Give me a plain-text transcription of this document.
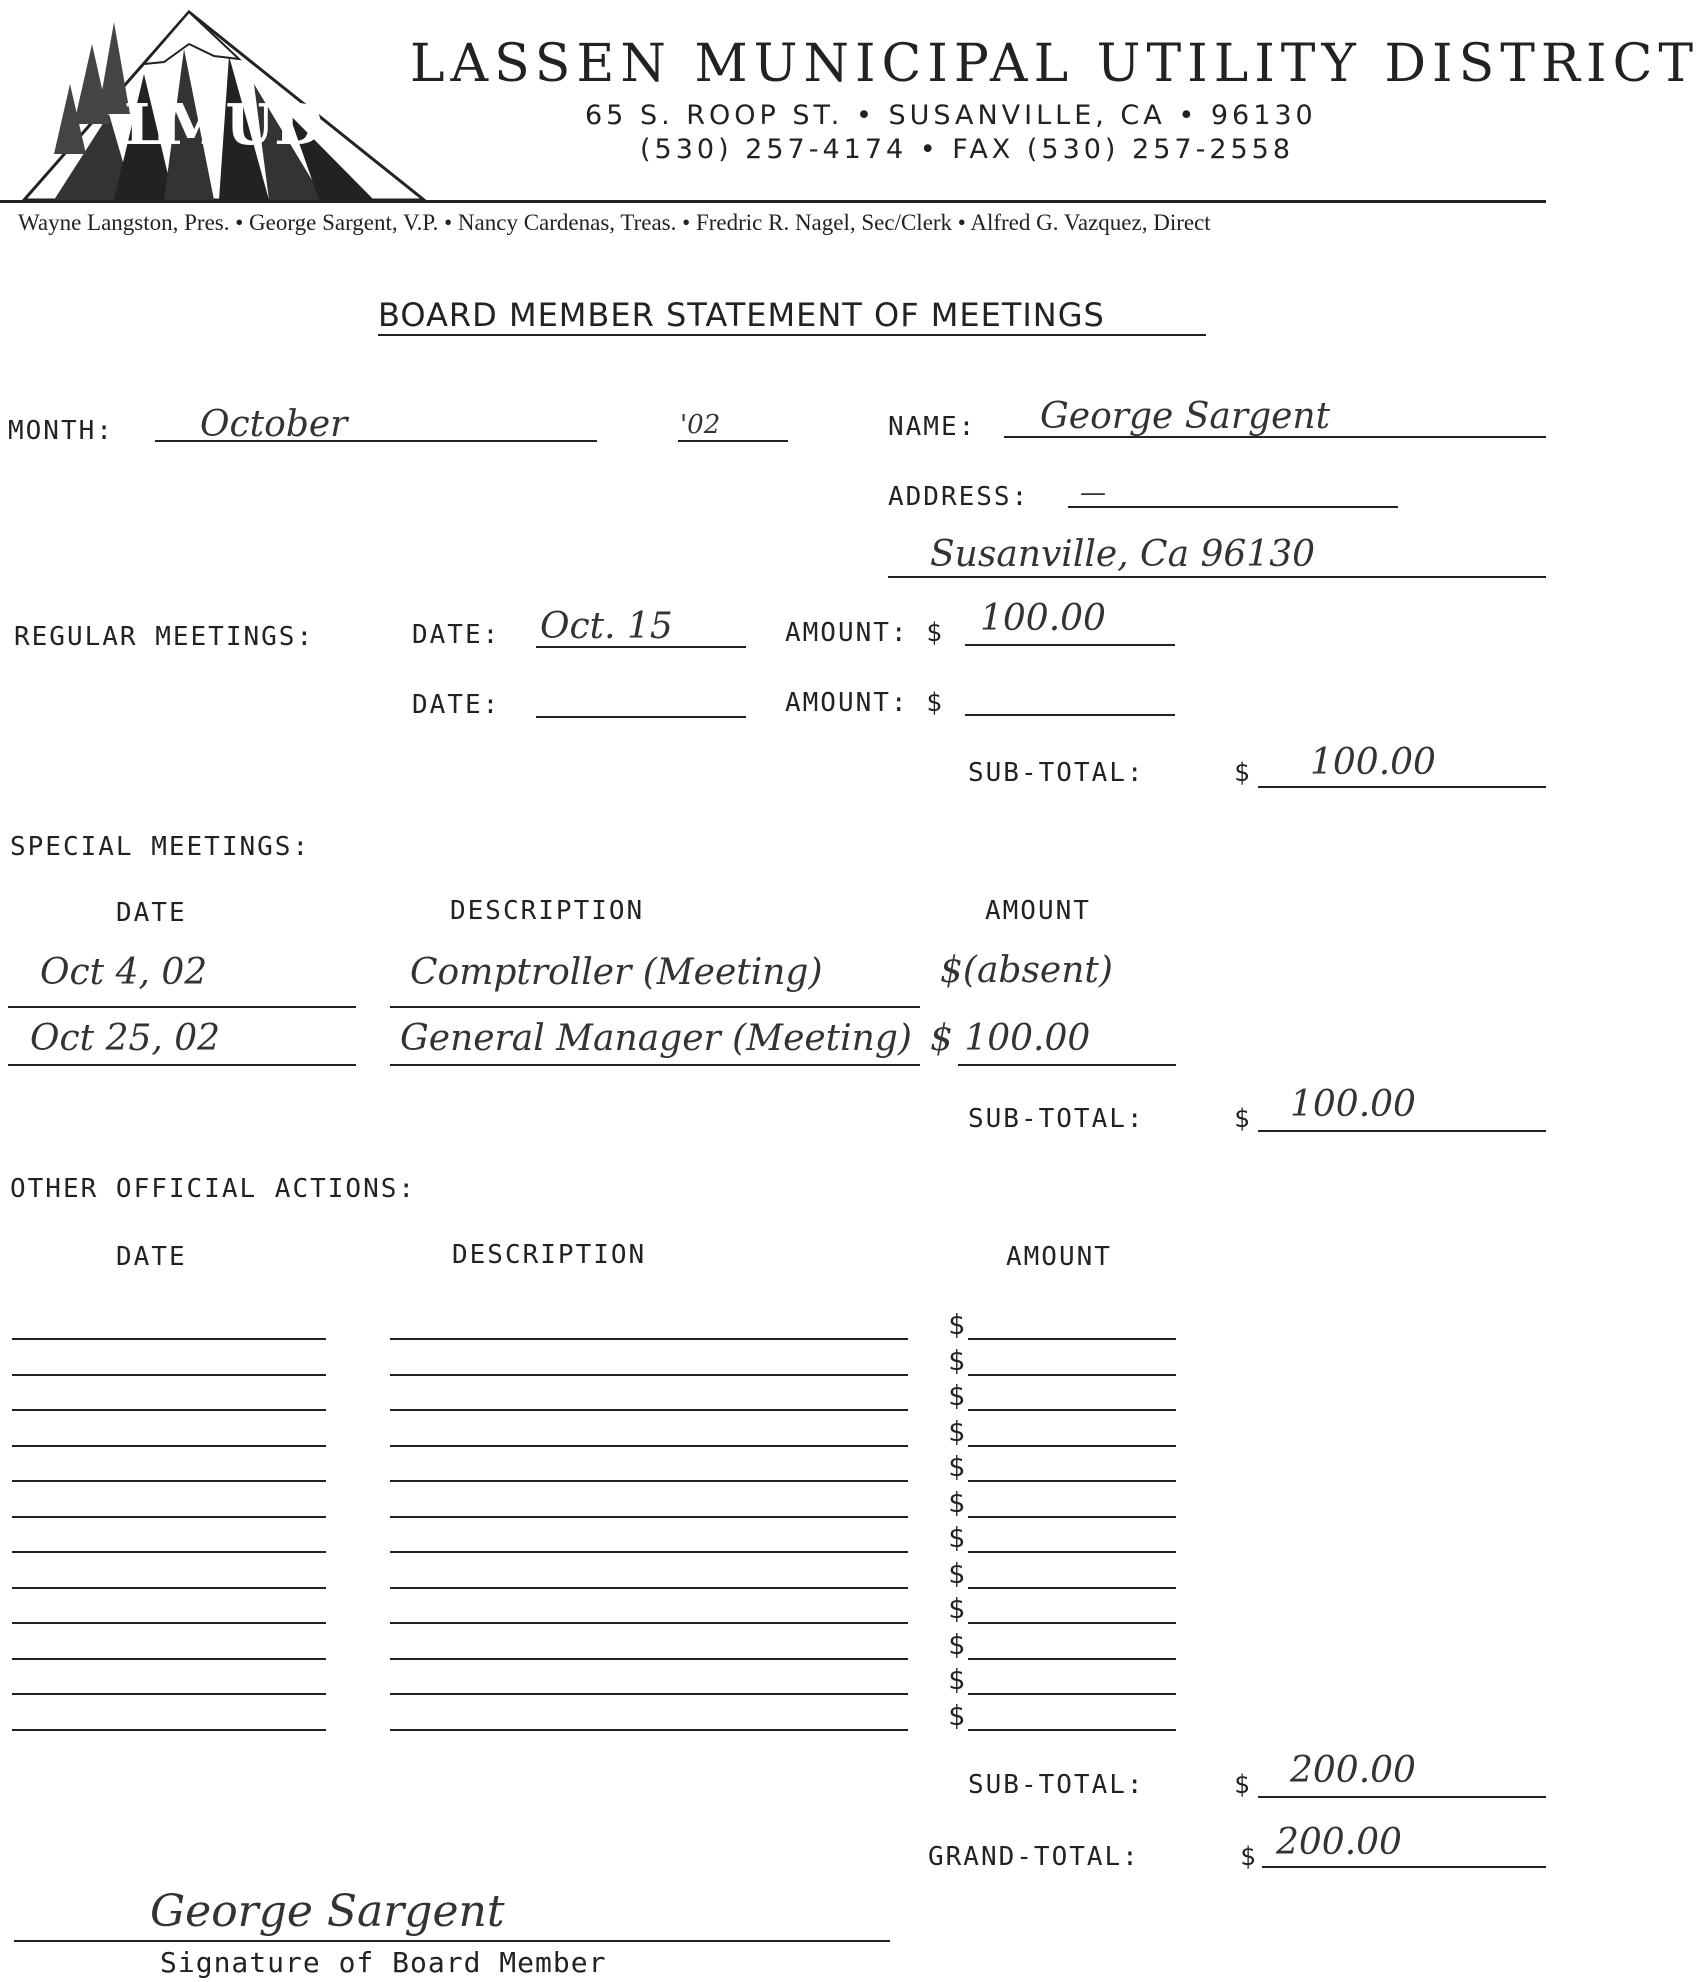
LMUD
LASSEN MUNICIPAL UTILITY DISTRICT
65 S. ROOP ST. • SUSANVILLE, CA • 96130
(530) 257-4174 • FAX (530) 257-2558
Wayne Langston, Pres. • George Sargent, V.P. • Nancy Cardenas, Treas. • Fredric R. Nagel, Sec/Clerk • Alfred G. Vazquez, Direct
BOARD MEMBER STATEMENT OF MEETINGS
MONTH: October	'02	NAME: George Sargent
ADDRESS: —
Susanville, Ca 96130
REGULAR MEETINGS:	DATE: Oct. 15	AMOUNT: $ 100.00
DATE:	AMOUNT: $
SUB-TOTAL:	$ 100.00
SPECIAL MEETINGS:
DATE	DESCRIPTION	AMOUNT
Oct 4, 02	Comptroller (Meeting)	$(absent)
Oct 25, 02	General Manager (Meeting) $ 100.00
SUB-TOTAL:	$ 100.00
OTHER OFFICIAL ACTIONS:
DATE	DESCRIPTION	AMOUNT
$
$
$
$
$
$
$
$
$
$
$
$
SUB-TOTAL:	$ 200.00
GRAND-TOTAL:	$ 200.00
George Sargent
Signature of Board Member
